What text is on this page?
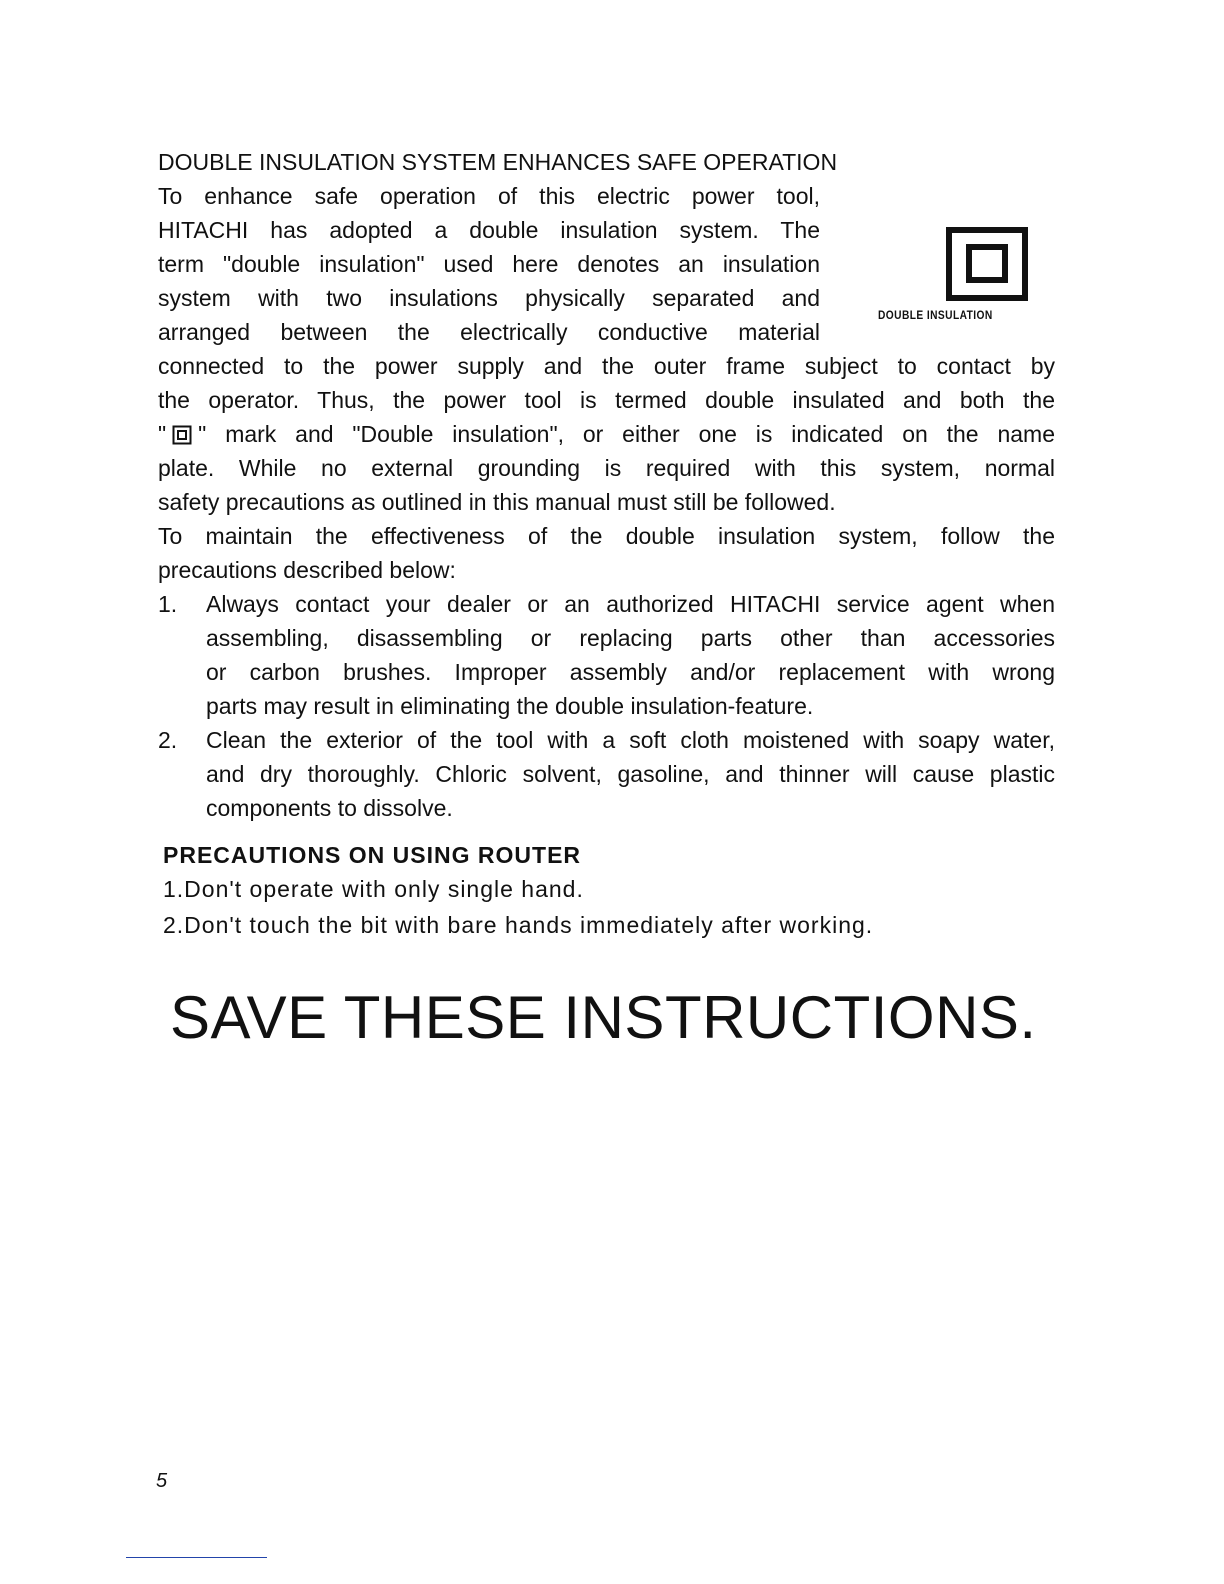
DOUBLE INSULATION SYSTEM ENHANCES SAFE OPERATION
To enhance safe operation of this electric power tool,
HITACHI has adopted a double insulation system. The
term "double insulation" used here denotes an insulation
system with two insulations physically separated and
arranged between the electrically conductive material
DOUBLE INSULATION
connected to the power supply and the outer frame subject to contact by
the operator. Thus, the power tool is termed double insulated and both the
" " mark and "Double insulation", or either one is indicated on the name
plate. While no external grounding is required with this system, normal
safety precautions as outlined in this manual must still be followed.
To maintain the effectiveness of the double insulation system, follow the
precautions described below:
1. Always contact your dealer or an authorized HITACHI service agent when
assembling, disassembling or replacing parts other than accessories
or carbon brushes. Improper assembly and/or replacement with wrong
parts may result in eliminating the double insulation-feature.
2. Clean the exterior of the tool with a soft cloth moistened with soapy water,
and dry thoroughly. Chloric solvent, gasoline, and thinner will cause plastic
components to dissolve.
PRECAUTIONS ON USING ROUTER
1.Don't operate with only single hand.
2.Don't touch the bit with bare hands immediately after working.
SAVE THESE INSTRUCTIONS.
5
